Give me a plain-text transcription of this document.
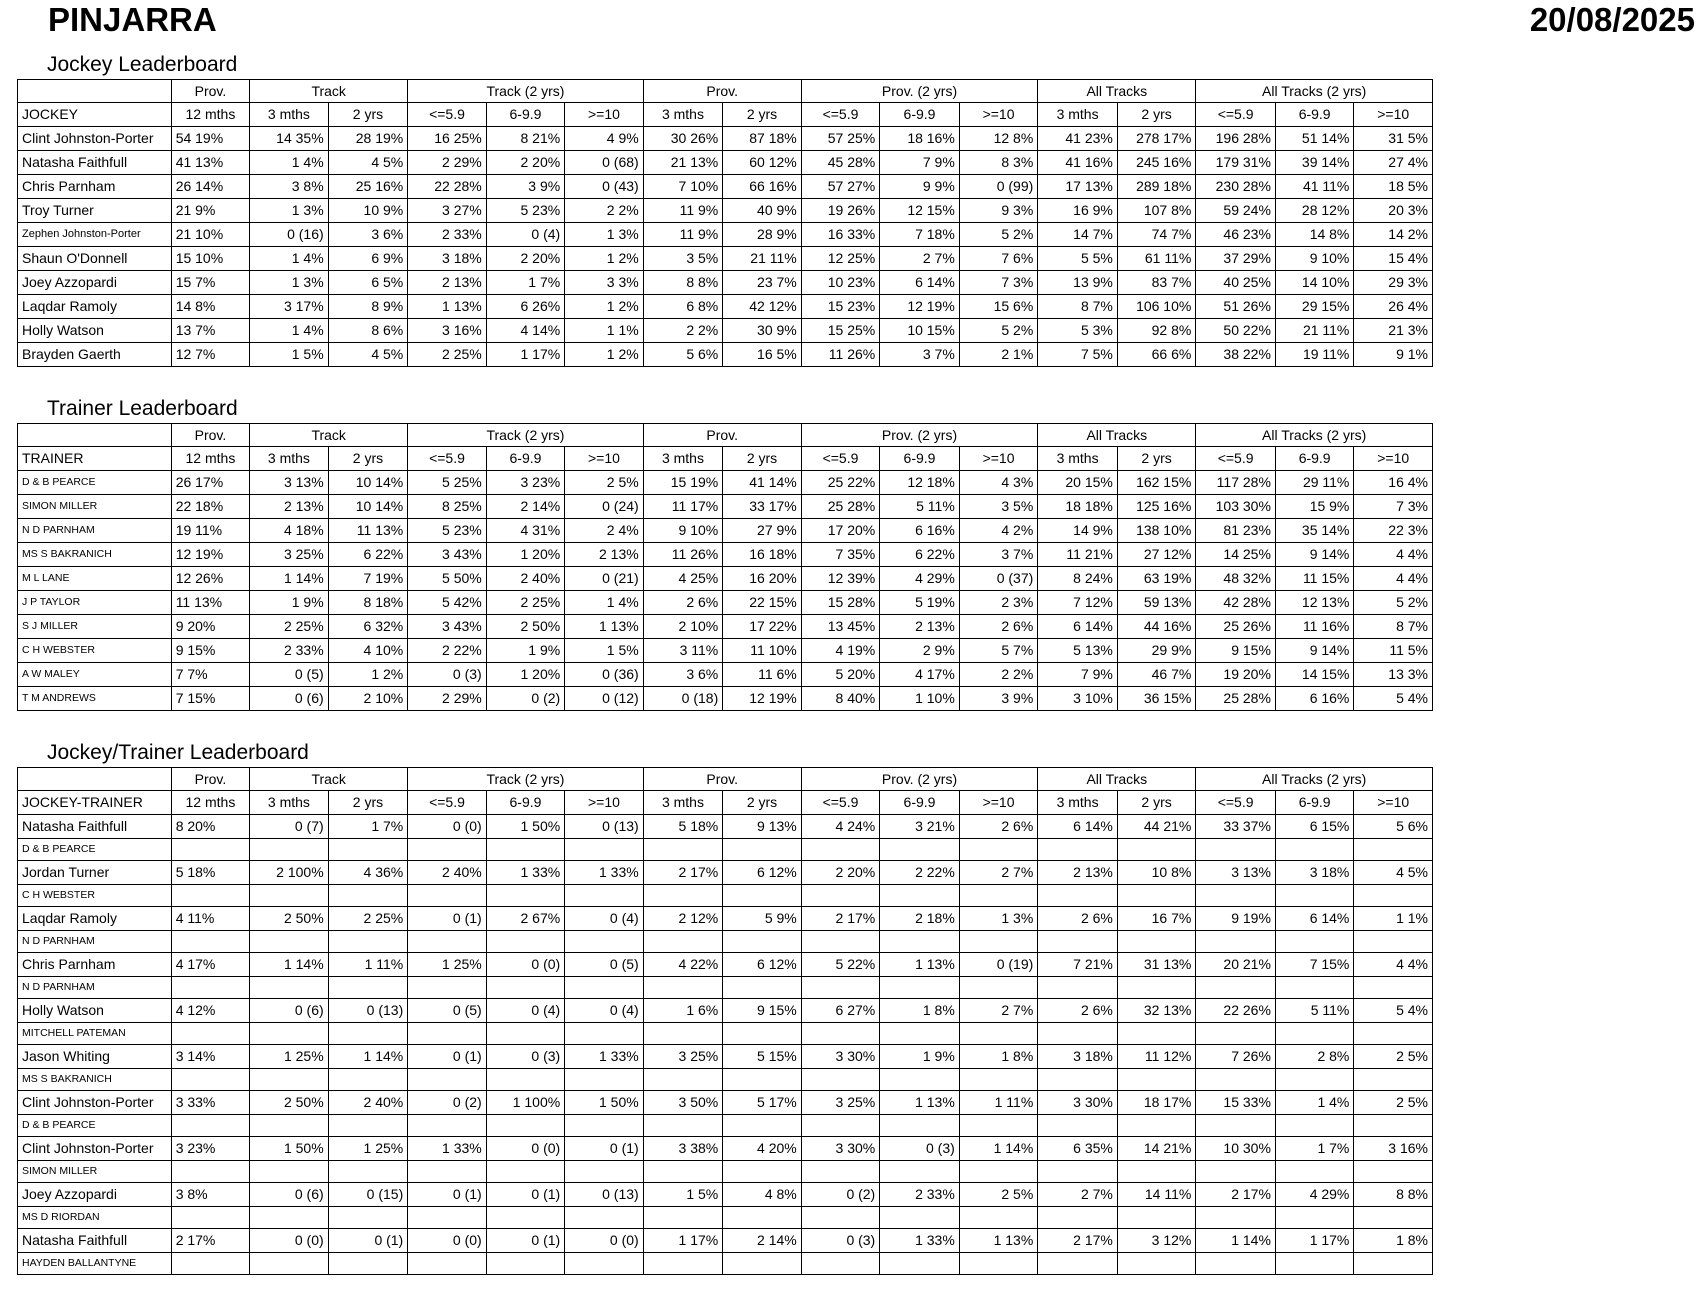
PINJARRA	20/08/2025
Jockey Leaderboard
	Prov.	Track		Track (2 yrs)			Prov.		Prov. (2 yrs)			All Tracks		All Tracks (2 yrs)		
JOCKEY	12 mths	3 mths	2 yrs	<=5.9	6-9.9	>=10	3 mths	2 yrs	<=5.9	6-9.9	>=10	3 mths	2 yrs	<=5.9	6-9.9	>=10
Clint Johnston-Porter	54 19%	14 35%	28 19%	16 25%	8 21%	4 9%	30 26%	87 18%	57 25%	18 16%	12 8%	41 23%	278 17%	196 28%	51 14%	31 5%
Natasha Faithfull	41 13%	1 4%	4 5%	2 29%	2 20%	0 (68)	21 13%	60 12%	45 28%	7 9%	8 3%	41 16%	245 16%	179 31%	39 14%	27 4%
Chris Parnham	26 14%	3 8%	25 16%	22 28%	3 9%	0 (43)	7 10%	66 16%	57 27%	9 9%	0 (99)	17 13%	289 18%	230 28%	41 11%	18 5%
Troy Turner	21 9%	1 3%	10 9%	3 27%	5 23%	2 2%	11 9%	40 9%	19 26%	12 15%	9 3%	16 9%	107 8%	59 24%	28 12%	20 3%
Zephen Johnston-Porter	21 10%	0 (16)	3 6%	2 33%	0 (4)	1 3%	11 9%	28 9%	16 33%	7 18%	5 2%	14 7%	74 7%	46 23%	14 8%	14 2%
Shaun O'Donnell	15 10%	1 4%	6 9%	3 18%	2 20%	1 2%	3 5%	21 11%	12 25%	2 7%	7 6%	5 5%	61 11%	37 29%	9 10%	15 4%
Joey Azzopardi	15 7%	1 3%	6 5%	2 13%	1 7%	3 3%	8 8%	23 7%	10 23%	6 14%	7 3%	13 9%	83 7%	40 25%	14 10%	29 3%
Laqdar Ramoly	14 8%	3 17%	8 9%	1 13%	6 26%	1 2%	6 8%	42 12%	15 23%	12 19%	15 6%	8 7%	106 10%	51 26%	29 15%	26 4%
Holly Watson	13 7%	1 4%	8 6%	3 16%	4 14%	1 1%	2 2%	30 9%	15 25%	10 15%	5 2%	5 3%	92 8%	50 22%	21 11%	21 3%
Brayden Gaerth	12 7%	1 5%	4 5%	2 25%	1 17%	1 2%	5 6%	16 5%	11 26%	3 7%	2 1%	7 5%	66 6%	38 22%	19 11%	9 1%
Trainer Leaderboard
	Prov.	Track		Track (2 yrs)			Prov.		Prov. (2 yrs)			All Tracks		All Tracks (2 yrs)		
TRAINER	12 mths	3 mths	2 yrs	<=5.9	6-9.9	>=10	3 mths	2 yrs	<=5.9	6-9.9	>=10	3 mths	2 yrs	<=5.9	6-9.9	>=10
D & B PEARCE	26 17%	3 13%	10 14%	5 25%	3 23%	2 5%	15 19%	41 14%	25 22%	12 18%	4 3%	20 15%	162 15%	117 28%	29 11%	16 4%
SIMON MILLER	22 18%	2 13%	10 14%	8 25%	2 14%	0 (24)	11 17%	33 17%	25 28%	5 11%	3 5%	18 18%	125 16%	103 30%	15 9%	7 3%
N D PARNHAM	19 11%	4 18%	11 13%	5 23%	4 31%	2 4%	9 10%	27 9%	17 20%	6 16%	4 2%	14 9%	138 10%	81 23%	35 14%	22 3%
MS S BAKRANICH	12 19%	3 25%	6 22%	3 43%	1 20%	2 13%	11 26%	16 18%	7 35%	6 22%	3 7%	11 21%	27 12%	14 25%	9 14%	4 4%
M L LANE	12 26%	1 14%	7 19%	5 50%	2 40%	0 (21)	4 25%	16 20%	12 39%	4 29%	0 (37)	8 24%	63 19%	48 32%	11 15%	4 4%
J P TAYLOR	11 13%	1 9%	8 18%	5 42%	2 25%	1 4%	2 6%	22 15%	15 28%	5 19%	2 3%	7 12%	59 13%	42 28%	12 13%	5 2%
S J MILLER	9 20%	2 25%	6 32%	3 43%	2 50%	1 13%	2 10%	17 22%	13 45%	2 13%	2 6%	6 14%	44 16%	25 26%	11 16%	8 7%
C H WEBSTER	9 15%	2 33%	4 10%	2 22%	1 9%	1 5%	3 11%	11 10%	4 19%	2 9%	5 7%	5 13%	29 9%	9 15%	9 14%	11 5%
A W MALEY	7 7%	0 (5)	1 2%	0 (3)	1 20%	0 (36)	3 6%	11 6%	5 20%	4 17%	2 2%	7 9%	46 7%	19 20%	14 15%	13 3%
T M ANDREWS	7 15%	0 (6)	2 10%	2 29%	0 (2)	0 (12)	0 (18)	12 19%	8 40%	1 10%	3 9%	3 10%	36 15%	25 28%	6 16%	5 4%
Jockey/Trainer Leaderboard
	Prov.	Track		Track (2 yrs)			Prov.		Prov. (2 yrs)			All Tracks		All Tracks (2 yrs)		
JOCKEY-TRAINER	12 mths	3 mths	2 yrs	<=5.9	6-9.9	>=10	3 mths	2 yrs	<=5.9	6-9.9	>=10	3 mths	2 yrs	<=5.9	6-9.9	>=10
Natasha Faithfull	8 20%	0 (7)	1 7%	0 (0)	1 50%	0 (13)	5 18%	9 13%	4 24%	3 21%	2 6%	6 14%	44 21%	33 37%	6 15%	5 6%
D & B PEARCE																
Jordan Turner	5 18%	2 100%	4 36%	2 40%	1 33%	1 33%	2 17%	6 12%	2 20%	2 22%	2 7%	2 13%	10 8%	3 13%	3 18%	4 5%
C H WEBSTER																
Laqdar Ramoly	4 11%	2 50%	2 25%	0 (1)	2 67%	0 (4)	2 12%	5 9%	2 17%	2 18%	1 3%	2 6%	16 7%	9 19%	6 14%	1 1%
N D PARNHAM																
Chris Parnham	4 17%	1 14%	1 11%	1 25%	0 (0)	0 (5)	4 22%	6 12%	5 22%	1 13%	0 (19)	7 21%	31 13%	20 21%	7 15%	4 4%
N D PARNHAM																
Holly Watson	4 12%	0 (6)	0 (13)	0 (5)	0 (4)	0 (4)	1 6%	9 15%	6 27%	1 8%	2 7%	2 6%	32 13%	22 26%	5 11%	5 4%
MITCHELL PATEMAN																
Jason Whiting	3 14%	1 25%	1 14%	0 (1)	0 (3)	1 33%	3 25%	5 15%	3 30%	1 9%	1 8%	3 18%	11 12%	7 26%	2 8%	2 5%
MS S BAKRANICH																
Clint Johnston-Porter	3 33%	2 50%	2 40%	0 (2)	1 100%	1 50%	3 50%	5 17%	3 25%	1 13%	1 11%	3 30%	18 17%	15 33%	1 4%	2 5%
D & B PEARCE																
Clint Johnston-Porter	3 23%	1 50%	1 25%	1 33%	0 (0)	0 (1)	3 38%	4 20%	3 30%	0 (3)	1 14%	6 35%	14 21%	10 30%	1 7%	3 16%
SIMON MILLER																
Joey Azzopardi	3 8%	0 (6)	0 (15)	0 (1)	0 (1)	0 (13)	1 5%	4 8%	0 (2)	2 33%	2 5%	2 7%	14 11%	2 17%	4 29%	8 8%
MS D RIORDAN																
Natasha Faithfull	2 17%	0 (0)	0 (1)	0 (0)	0 (1)	0 (0)	1 17%	2 14%	0 (3)	1 33%	1 13%	2 17%	3 12%	1 14%	1 17%	1 8%
HAYDEN BALLANTYNE																
